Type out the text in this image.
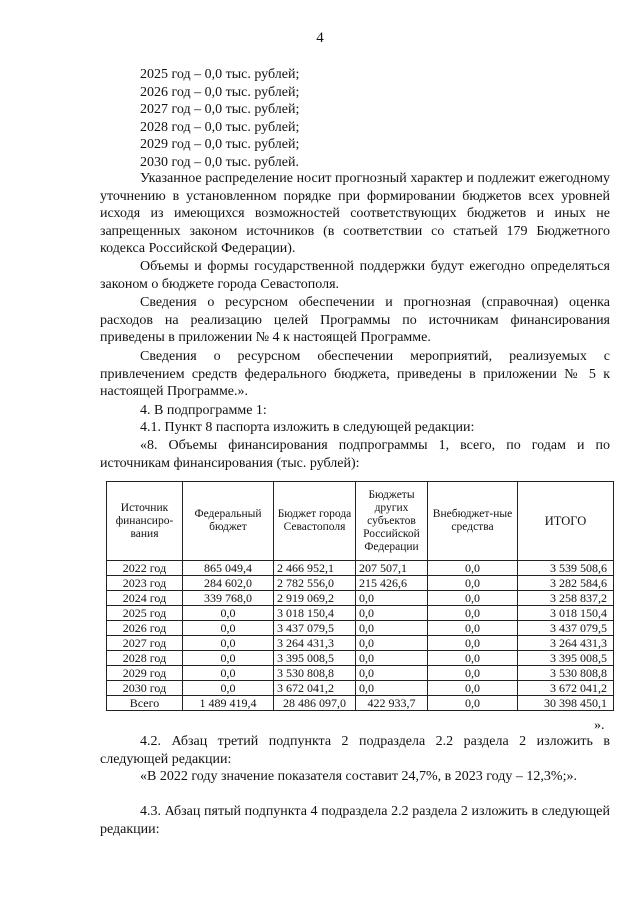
4
2025 год – 0,0 тыс. рублей;
2026 год – 0,0 тыс. рублей;
2027 год – 0,0 тыс. рублей;
2028 год – 0,0 тыс. рублей;
2029 год – 0,0 тыс. рублей;
2030 год – 0,0 тыс. рублей.

Указанное распределение носит прогнозный характер и подлежит ежегодному уточнению в установленном порядке при формировании бюджетов всех уровней исходя из имеющихся возможностей соответствующих бюджетов и иных не запрещенных законом источников (в соответствии со статьей 179 Бюджетного кодекса Российской Федерации).

Объемы и формы государственной поддержки будут ежегодно определяться законом о бюджете города Севастополя.

Сведения о ресурсном обеспечении и прогнозная (справочная) оценка расходов на реализацию целей Программы по источникам финансирования приведены в приложении № 4 к настоящей Программе.

Сведения о ресурсном обеспечении мероприятий, реализуемых с привлечением средств федерального бюджета, приведены в приложении № 5 к настоящей Программе.».

4. В подпрограмме 1:

4.1. Пункт 8 паспорта изложить в следующей редакции:

«8. Объемы финансирования подпрограммы 1, всего, по годам и по источникам финансирования (тыс. рублей):

Источник финансиро-вания	Федеральный бюджет	Бюджет города Севастополя	Бюджеты других субъектов Российской Федерации	Внебюджет-ные средства	ИТОГО
2022 год	865 049,4	2 466 952,1	207 507,1	0,0	3 539 508,6
2023 год	284 602,0	2 782 556,0	215 426,6	0,0	3 282 584,6
2024 год	339 768,0	2 919 069,2	0,0	0,0	3 258 837,2
2025 год	0,0	3 018 150,4	0,0	0,0	3 018 150,4
2026 год	0,0	3 437 079,5	0,0	0,0	3 437 079,5
2027 год	0,0	3 264 431,3	0,0	0,0	3 264 431,3
2028 год	0,0	3 395 008,5	0,0	0,0	3 395 008,5
2029 год	0,0	3 530 808,8	0,0	0,0	3 530 808,8
2030 год	0,0	3 672 041,2	0,0	0,0	3 672 041,2
Всего	1 489 419,4	28 486 097,0	422 933,7	0,0	30 398 450,1
».

4.2. Абзац третий подпункта 2 подраздела 2.2 раздела 2 изложить в следующей редакции:

«В 2022 году значение показателя составит 24,7%, в 2023 году – 12,3%;».

4.3. Абзац пятый подпункта 4 подраздела 2.2 раздела 2 изложить в следующей редакции:
